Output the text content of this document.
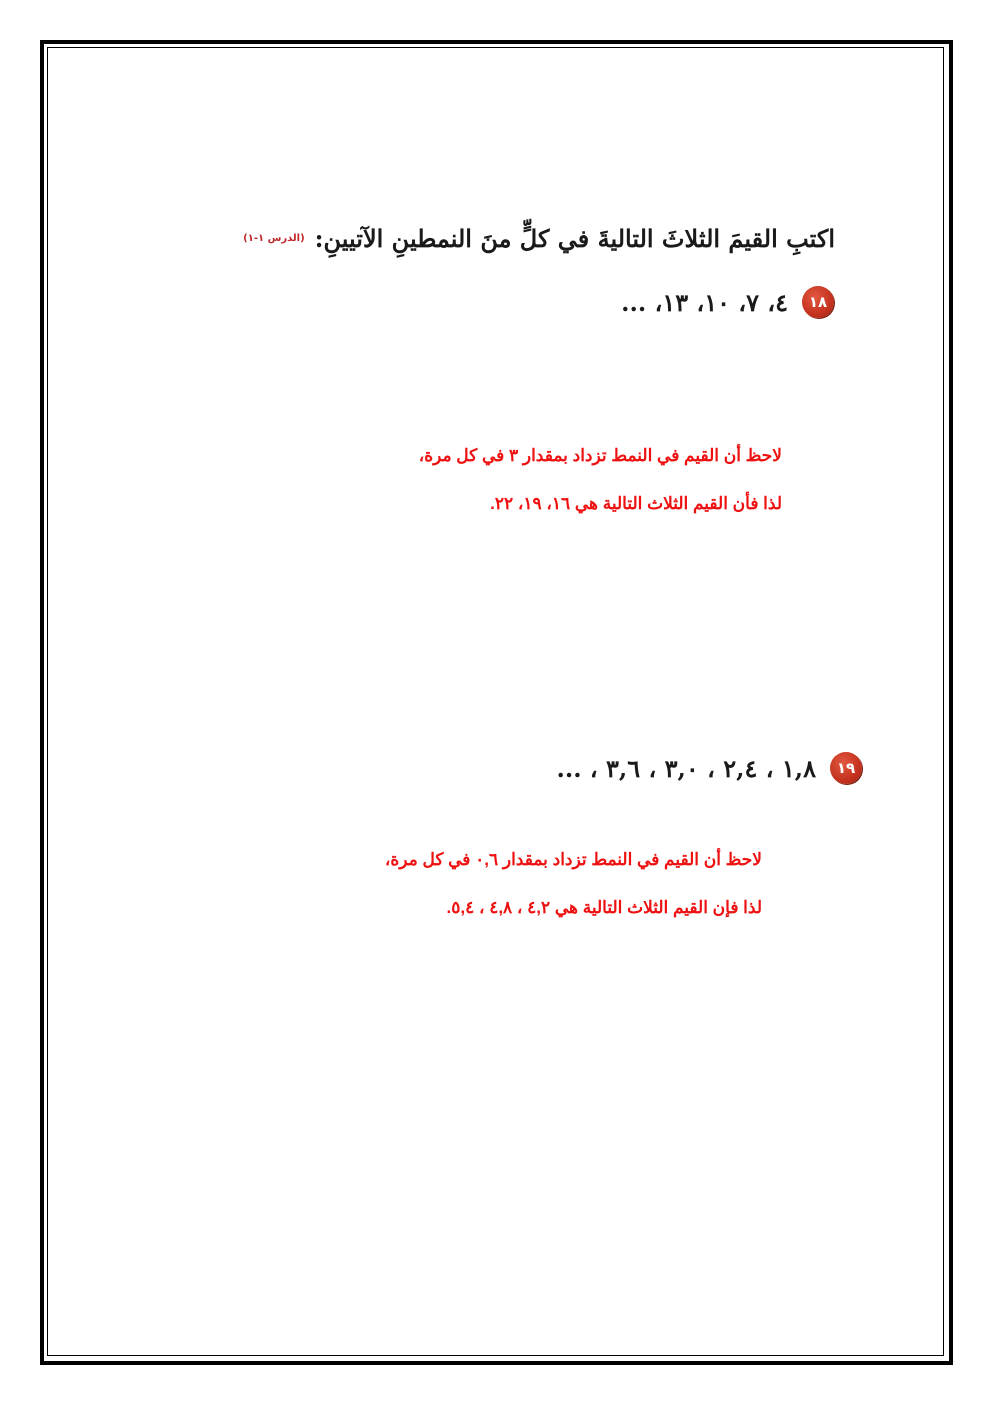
اكتبِ القيمَ الثلاثَ التاليةَ في كلٍّ منَ النمطينِ الآتيينِ:
(الدرس ١-١)
١٨
٤، ٧، ١٠، ١٣، ...
لاحظ أن القيم في النمط تزداد بمقدار ٣ في كل مرة،
لذا فأن القيم الثلاث التالية هي ١٦، ١٩، ٢٢.
١٩
١,٨ ، ٢,٤ ، ٣,٠ ، ٣,٦ ، ...
لاحظ أن القيم في النمط تزداد بمقدار ٠,٦ في كل مرة،
لذا فإن القيم الثلاث التالية هي ٤,٢ ، ٤,٨ ، ٥,٤.
